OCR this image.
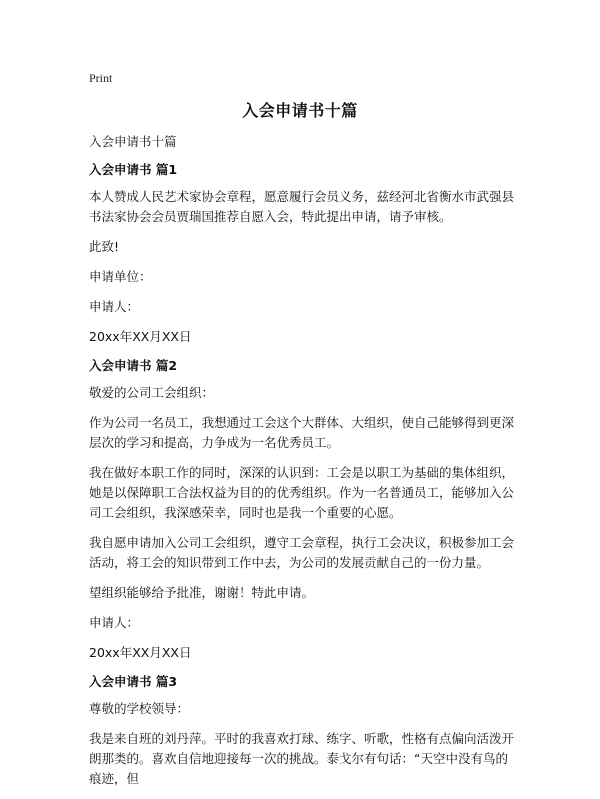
Print
入会申请书十篇

入会申请书十篇

入会申请书 篇1

本人赞成人民艺术家协会章程，愿意履行会员义务，兹经河北省衡水市武强县书法家协会会员贾瑞国推荐自愿入会，特此提出申请，请予审核。

此致!

申请单位：

申请人：

20xx年XX月XX日

入会申请书 篇2

敬爱的公司工会组织：

作为公司一名员工，我想通过工会这个大群体、大组织，使自己能够得到更深层次的学习和提高，力争成为一名优秀员工。

我在做好本职工作的同时，深深的认识到：工会是以职工为基础的集体组织，她是以保障职工合法权益为目的的优秀组织。作为一名普通员工，能够加入公司工会组织，我深感荣幸，同时也是我一个重要的心愿。

我自愿申请加入公司工会组织，遵守工会章程，执行工会决议，积极参加工会活动，将工会的知识带到工作中去，为公司的发展贡献自己的一份力量。

望组织能够给予批准，谢谢！特此申请。

申请人：

20xx年XX月XX日

入会申请书 篇3

尊敬的学校领导：

我是来自班的刘丹萍。平时的我喜欢打球、练字、听歌，性格有点偏向活泼开朗那类的。喜欢自信地迎接每一次的挑战。泰戈尔有句话：“天空中没有鸟的痕迹，但
